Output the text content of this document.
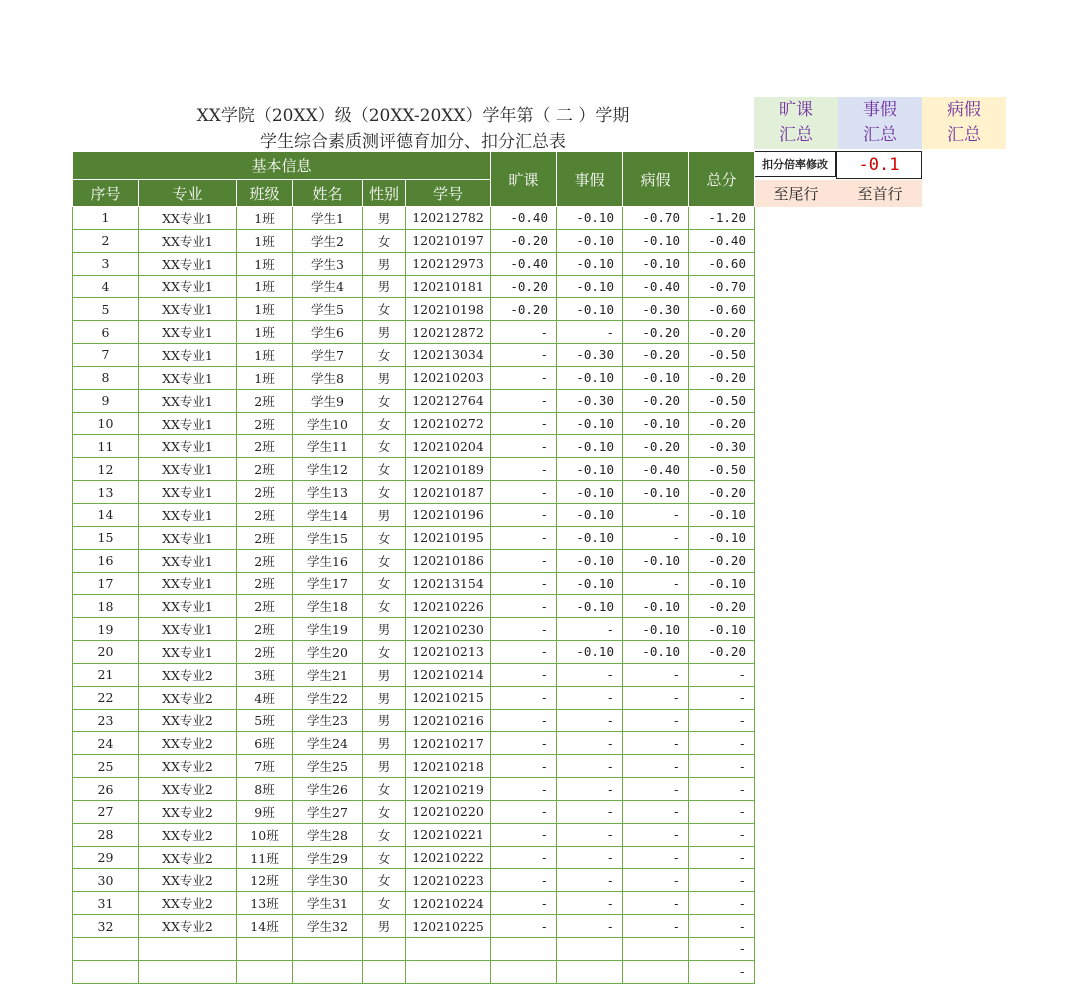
XX学院（20XX）级（20XX-20XX）学年第（ 二 ）学期
学生综合素质测评德育加分、扣分汇总表
旷课
汇总
事假
汇总
病假
汇总
扣分倍率修改	-0.1
至尾行	至首行
基本信息						旷课	事假	病假	总分
序号	专业	班级	姓名	性别	学号				
1	XX专业1	1班	学生1	男	120212782	-0.40	-0.10	-0.70	-1.20
2	XX专业1	1班	学生2	女	120210197	-0.20	-0.10	-0.10	-0.40
3	XX专业1	1班	学生3	男	120212973	-0.40	-0.10	-0.10	-0.60
4	XX专业1	1班	学生4	男	120210181	-0.20	-0.10	-0.40	-0.70
5	XX专业1	1班	学生5	女	120210198	-0.20	-0.10	-0.30	-0.60
6	XX专业1	1班	学生6	男	120212872	-	-	-0.20	-0.20
7	XX专业1	1班	学生7	女	120213034	-	-0.30	-0.20	-0.50
8	XX专业1	1班	学生8	男	120210203	-	-0.10	-0.10	-0.20
9	XX专业1	2班	学生9	女	120212764	-	-0.30	-0.20	-0.50
10	XX专业1	2班	学生10	女	120210272	-	-0.10	-0.10	-0.20
11	XX专业1	2班	学生11	女	120210204	-	-0.10	-0.20	-0.30
12	XX专业1	2班	学生12	女	120210189	-	-0.10	-0.40	-0.50
13	XX专业1	2班	学生13	女	120210187	-	-0.10	-0.10	-0.20
14	XX专业1	2班	学生14	男	120210196	-	-0.10	-	-0.10
15	XX专业1	2班	学生15	女	120210195	-	-0.10	-	-0.10
16	XX专业1	2班	学生16	女	120210186	-	-0.10	-0.10	-0.20
17	XX专业1	2班	学生17	女	120213154	-	-0.10	-	-0.10
18	XX专业1	2班	学生18	女	120210226	-	-0.10	-0.10	-0.20
19	XX专业1	2班	学生19	男	120210230	-	-	-0.10	-0.10
20	XX专业1	2班	学生20	女	120210213	-	-0.10	-0.10	-0.20
21	XX专业2	3班	学生21	男	120210214	-	-	-	-
22	XX专业2	4班	学生22	男	120210215	-	-	-	-
23	XX专业2	5班	学生23	男	120210216	-	-	-	-
24	XX专业2	6班	学生24	男	120210217	-	-	-	-
25	XX专业2	7班	学生25	男	120210218	-	-	-	-
26	XX专业2	8班	学生26	女	120210219	-	-	-	-
27	XX专业2	9班	学生27	女	120210220	-	-	-	-
28	XX专业2	10班	学生28	女	120210221	-	-	-	-
29	XX专业2	11班	学生29	女	120210222	-	-	-	-
30	XX专业2	12班	学生30	女	120210223	-	-	-	-
31	XX专业2	13班	学生31	女	120210224	-	-	-	-
32	XX专业2	14班	学生32	男	120210225	-	-	-	-
									-
									-
